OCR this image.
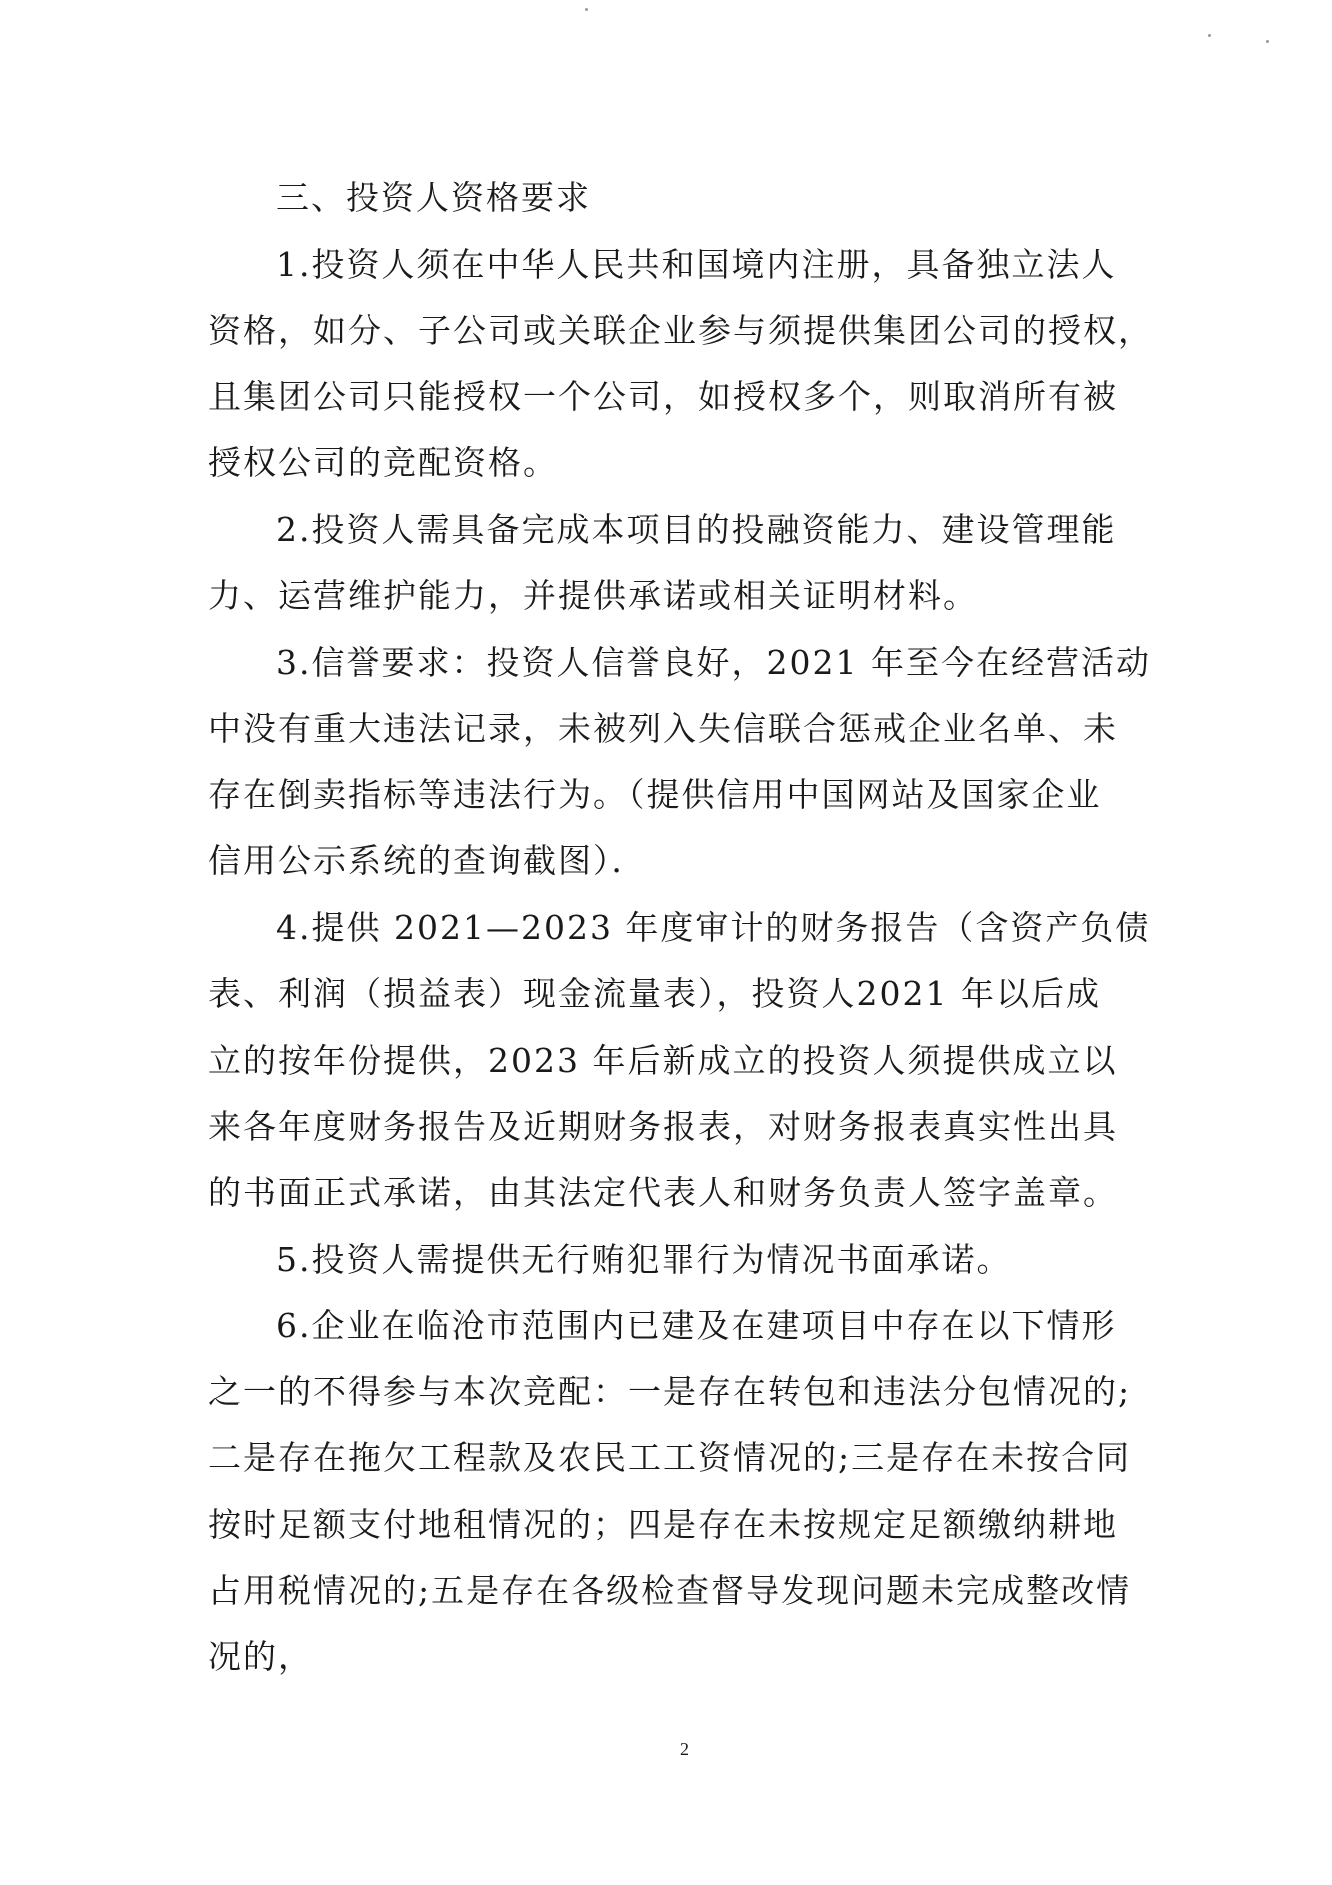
三、投资人资格要求
1.投资人须在中华人民共和国境内注册，具备独立法人
资格，如分、子公司或关联企业参与须提供集团公司的授权，
且集团公司只能授权一个公司，如授权多个，则取消所有被
授权公司的竞配资格。
2.投资人需具备完成本项目的投融资能力、建设管理能
力、运营维护能力，并提供承诺或相关证明材料。
3.信誉要求：投资人信誉良好，2021 年至今在经营活动
中没有重大违法记录，未被列入失信联合惩戒企业名单、未
存在倒卖指标等违法行为。（提供信用中国网站及国家企业
信用公示系统的查询截图）．
4.提供 2021—2023 年度审计的财务报告（含资产负债
表、利润（损益表）现金流量表），投资人2021 年以后成
立的按年份提供，2023 年后新成立的投资人须提供成立以
来各年度财务报告及近期财务报表，对财务报表真实性出具
的书面正式承诺，由其法定代表人和财务负责人签字盖章。
5.投资人需提供无行贿犯罪行为情况书面承诺。
6.企业在临沧市范围内已建及在建项目中存在以下情形
之一的不得参与本次竞配：一是存在转包和违法分包情况的;
二是存在拖欠工程款及农民工工资情况的;三是存在未按合同
按时足额支付地租情况的；四是存在未按规定足额缴纳耕地
占用税情况的;五是存在各级检查督导发现问题未完成整改情
况的，
2
